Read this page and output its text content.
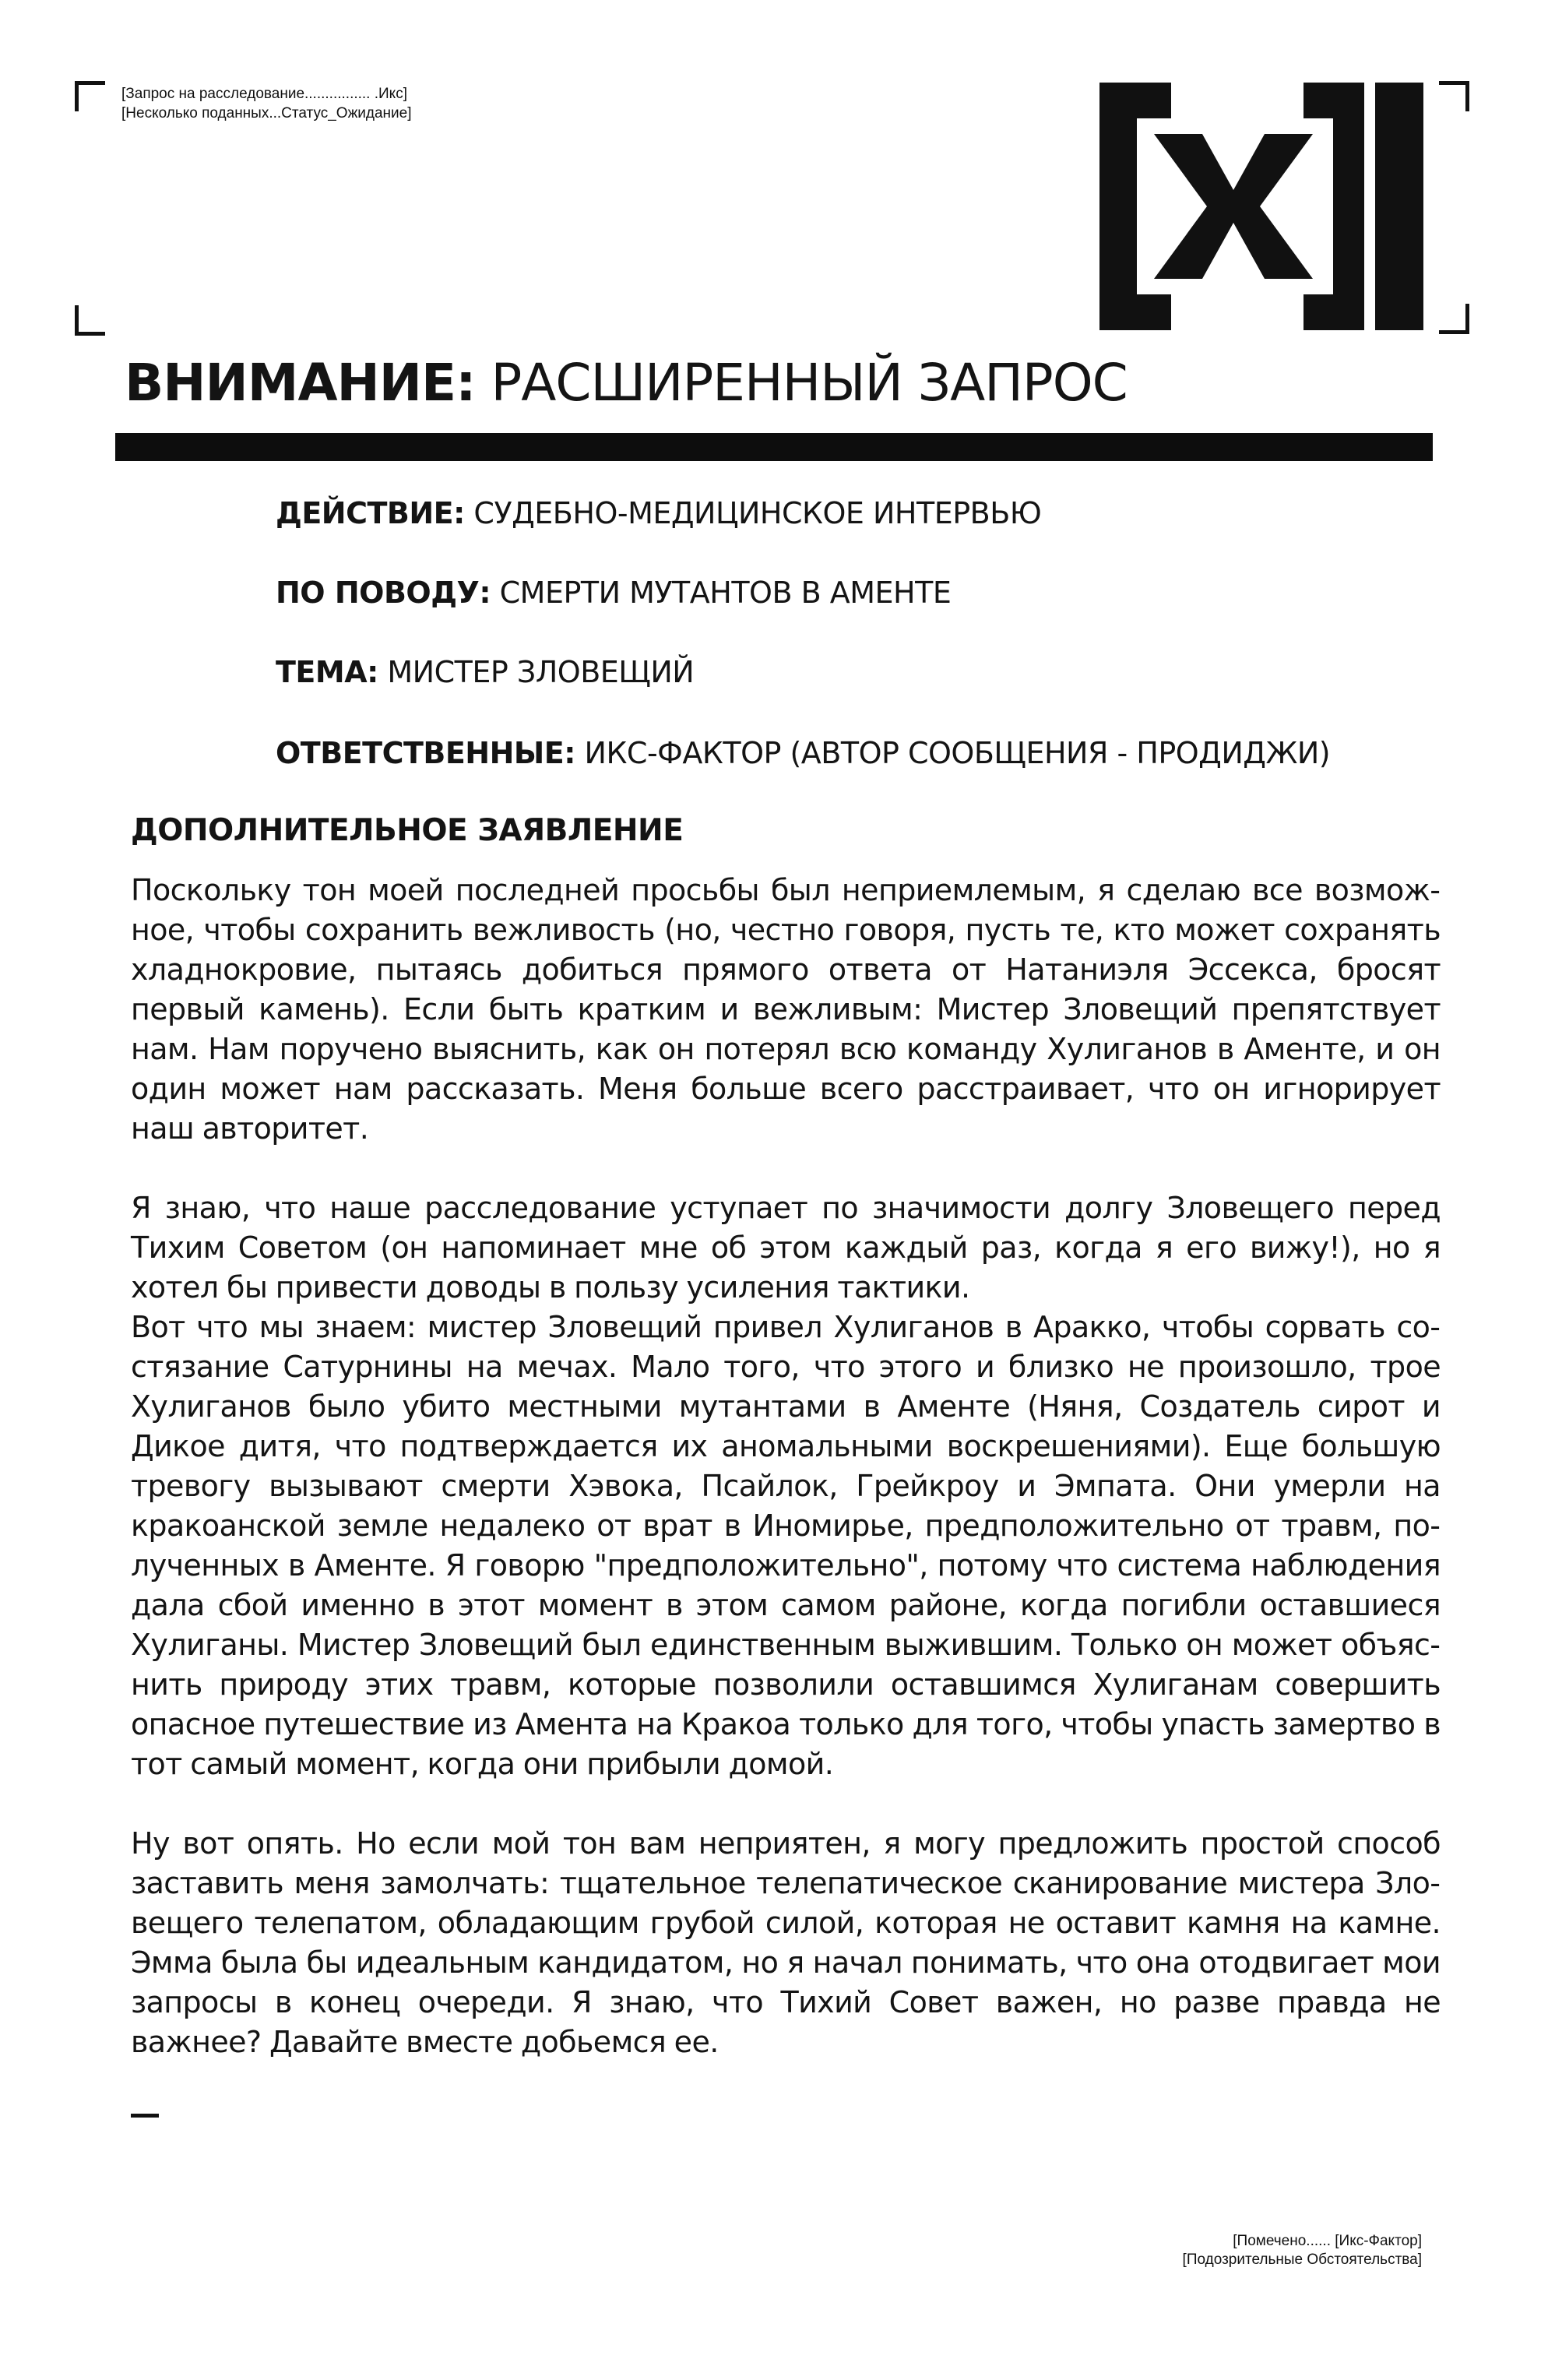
[Запрос на расследование................ .Икс]
[Несколько поданных...Статус_Ожидание]
ВНИМАНИЕ: РАСШИРЕННЫЙ ЗАПРОС
ДЕЙСТВИЕ: СУДЕБНО-МЕДИЦИНСКОЕ ИНТЕРВЬЮ
ПО ПОВОДУ: СМЕРТИ МУТАНТОВ В АМЕНТЕ
ТЕМА: МИСТЕР ЗЛОВЕЩИЙ
ОТВЕТСТВЕННЫЕ: ИКС-ФАКТОР (АВТОР СООБЩЕНИЯ - ПРОДИДЖИ)
ДОПОЛНИТЕЛЬНОЕ ЗАЯВЛЕНИЕ

Поскольку тон моей последней просьбы был неприемлемым, я сделаю все возможное, чтобы сохранить вежливость (но, честно говоря, пусть те, кто может сохранять хладнокровие, пытаясь добиться прямого ответа от Натаниэля Эссекса, бросят первый камень). Если быть кратким и вежливым: Мистер Зловещий препятствует нам. Нам поручено выяснить, как он потерял всю команду Хулиганов в Аменте, и он один может нам рассказать. Меня больше всего расстраивает, что он игнорирует наш авторитет.

Я знаю, что наше расследование уступает по значимости долгу Зловещего перед Тихим Советом (он напоминает мне об этом каждый раз, когда я его вижу!), но я хотел бы привести доводы в пользу усиления тактики.

Вот что мы знаем: мистер Зловещий привел Хулиганов в Аракко, чтобы сорвать состязание Сатурнины на мечах. Мало того, что этого и близко не произошло, трое Хулиганов было убито местными мутантами в Аменте (Няня, Создатель сирот и Дикое дитя, что подтверждается их аномальными воскрешениями). Еще большую тревогу вызывают смерти Хэвока, Псайлок, Грейкроу и Эмпата. Они умерли на кракоанской земле недалеко от врат в Иномирье, предположительно от травм, полученных в Аменте. Я говорю "предположительно", потому что система наблюдения дала сбой именно в этот момент в этом самом районе, когда погибли оставшиеся Хулиганы. Мистер Зловещий был единственным выжившим. Только он может объяснить природу этих травм, которые позволили оставшимся Хулиганам совершить опасное путешествие из Амента на Кракоа только для того, чтобы упасть замертво в тот самый момент, когда они прибыли домой.

Ну вот опять. Но если мой тон вам неприятен, я могу предложить простой способ заставить меня замолчать: тщательное телепатическое сканирование мистера Зловещего телепатом, обладающим грубой силой, которая не оставит камня на камне. Эмма была бы идеальным кандидатом, но я начал понимать, что она отодвигает мои запросы в конец очереди. Я знаю, что Тихий Совет важен, но разве правда не важнее? Давайте вместе добьемся ее.

[Помечено...... [Икс-Фактор]
[Подозрительные Обстоятельства]
